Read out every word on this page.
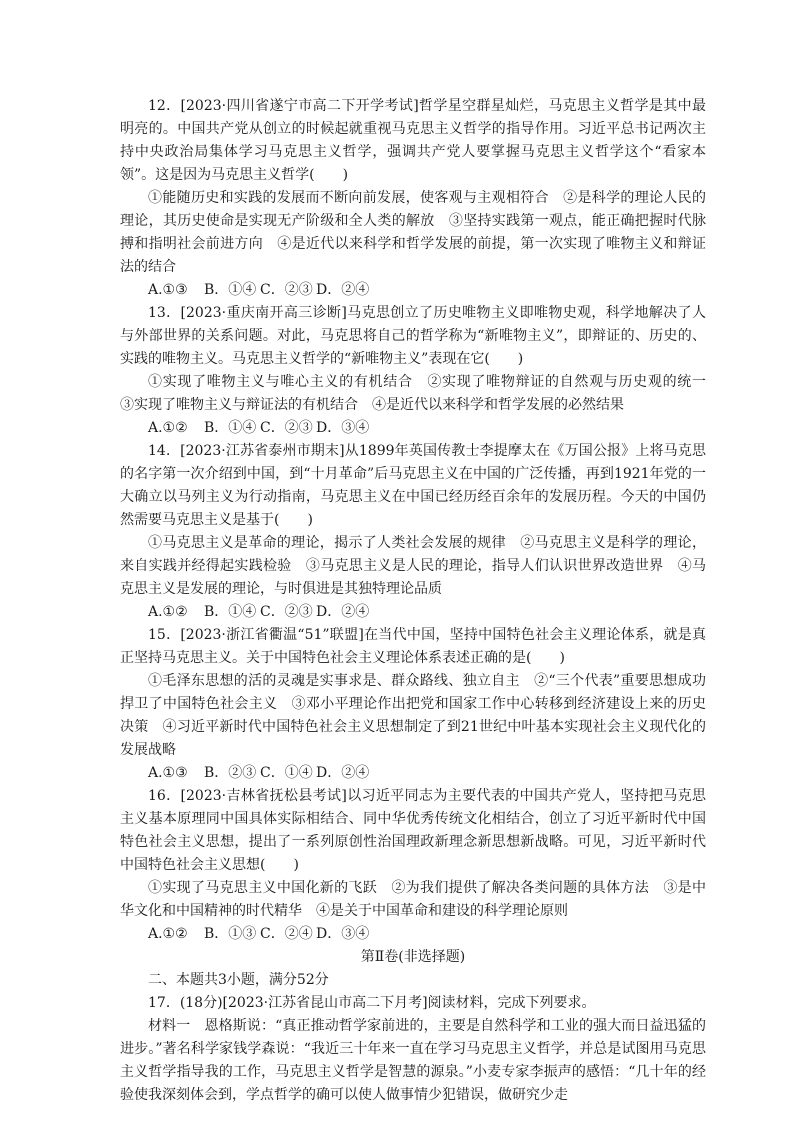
12．[2023·四川省遂宁市高二下开学考试]哲学星空群星灿烂，马克思主义哲学是其中最明亮的。中国共产党从创立的时候起就重视马克思主义哲学的指导作用。习近平总书记两次主持中央政治局集体学习马克思主义哲学，强调共产党人要掌握马克思主义哲学这个“看家本领”。这是因为马克思主义哲学(　　)

①能随历史和实践的发展而不断向前发展，使客观与主观相符合　②是科学的理论人民的理论，其历史使命是实现无产阶级和全人类的解放　③坚持实践第一观点，能正确把握时代脉搏和指明社会前进方向　④是近代以来科学和哲学发展的前提，第一次实现了唯物主义和辩证法的结合

A.①③ B．①④ C．②③ D．②④

13．[2023·重庆南开高三诊断]马克思创立了历史唯物主义即唯物史观，科学地解决了人与外部世界的关系问题。对此，马克思将自己的哲学称为“新唯物主义”，即辩证的、历史的、实践的唯物主义。马克思主义哲学的“新唯物主义”表现在它(　　)

①实现了唯物主义与唯心主义的有机结合　②实现了唯物辩证的自然观与历史观的统一　③实现了唯物主义与辩证法的有机结合　④是近代以来科学和哲学发展的必然结果

A.①② B．①④ C．②③ D．③④

14．[2023·江苏省泰州市期末]从1899年英国传教士李提摩太在《万国公报》上将马克思的名字第一次介绍到中国，到“十月革命”后马克思主义在中国的广泛传播，再到1921年党的一大确立以马列主义为行动指南，马克思主义在中国已经历经百余年的发展历程。今天的中国仍然需要马克思主义是基于(　　)

①马克思主义是革命的理论，揭示了人类社会发展的规律　②马克思主义是科学的理论，来自实践并经得起实践检验　③马克思主义是人民的理论，指导人们认识世界改造世界　④马克思主义是发展的理论，与时俱进是其独特理论品质

A.①② B．①④ C．②③ D．②④

15．[2023·浙江省衢温“51”联盟]在当代中国，坚持中国特色社会主义理论体系，就是真正坚持马克思主义。关于中国特色社会主义理论体系表述正确的是(　　)

①毛泽东思想的活的灵魂是实事求是、群众路线、独立自主　②“三个代表”重要思想成功捍卫了中国特色社会主义　③邓小平理论作出把党和国家工作中心转移到经济建设上来的历史决策　④习近平新时代中国特色社会主义思想制定了到21世纪中叶基本实现社会主义现代化的发展战略

A.①③ B．②③ C．①④ D．②④

16．[2023·吉林省抚松县考试]以习近平同志为主要代表的中国共产党人，坚持把马克思主义基本原理同中国具体实际相结合、同中华优秀传统文化相结合，创立了习近平新时代中国特色社会主义思想，提出了一系列原创性治国理政新理念新思想新战略。可见，习近平新时代中国特色社会主义思想(　　)

①实现了马克思主义中国化新的飞跃　②为我们提供了解决各类问题的具体方法　③是中华文化和中国精神的时代精华　④是关于中国革命和建设的科学理论原则

A.①② B．①③ C．②④ D．③④

第Ⅱ卷(非选择题)

二、本题共3小题，满分52分

17．(18分)[2023·江苏省昆山市高二下月考]阅读材料，完成下列要求。

材料一　恩格斯说：“真正推动哲学家前进的，主要是自然科学和工业的强大而日益迅猛的进步。”著名科学家钱学森说：“我近三十年来一直在学习马克思主义哲学，并总是试图用马克思主义哲学指导我的工作，马克思主义哲学是智慧的源泉。”小麦专家李振声的感悟：“几十年的经验使我深刻体会到，学点哲学的确可以使人做事情少犯错误，做研究少走
